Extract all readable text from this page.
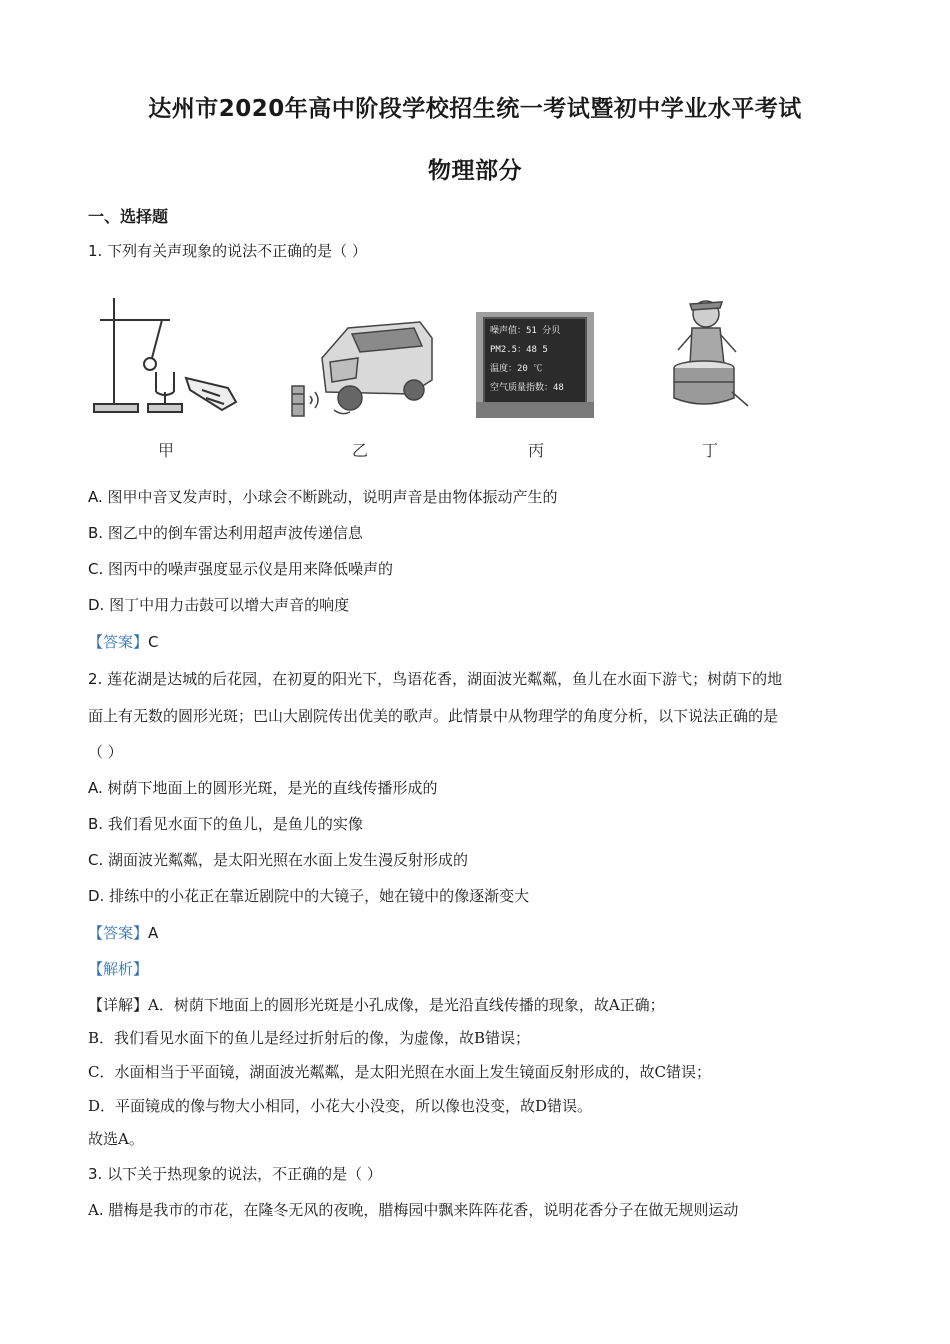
达州市2020年高中阶段学校招生统一考试暨初中学业水平考试
物理部分
一、选择题
1. 下列有关声现象的说法不正确的是（ ）
甲	乙
噪声值：51 分贝
PM2.5：48 5
温度：20 ℃
空气质量指数：48
丙	丁
A. 图甲中音叉发声时，小球会不断跳动，说明声音是由物体振动产生的
B. 图乙中的倒车雷达利用超声波传递信息
C. 图丙中的噪声强度显示仪是用来降低噪声的
D. 图丁中用力击鼓可以增大声音的响度
【答案】C
2. 莲花湖是达城的后花园，在初夏的阳光下，鸟语花香，湖面波光粼粼，鱼儿在水面下游弋；树荫下的地
面上有无数的圆形光斑；巴山大剧院传出优美的歌声。此情景中从物理学的角度分析，以下说法正确的是
（ ）
A. 树荫下地面上的圆形光斑，是光的直线传播形成的
B. 我们看见水面下的鱼儿，是鱼儿的实像
C. 湖面波光粼粼，是太阳光照在水面上发生漫反射形成的
D. 排练中的小花正在靠近剧院中的大镜子，她在镜中的像逐渐变大
【答案】A
【解析】
【详解】A．树荫下地面上的圆形光斑是小孔成像，是光沿直线传播的现象，故A正确；
B．我们看见水面下的鱼儿是经过折射后的像，为虚像，故B错误；
C．水面相当于平面镜，湖面波光粼粼，是太阳光照在水面上发生镜面反射形成的，故C错误；
D．平面镜成的像与物大小相同，小花大小没变，所以像也没变，故D错误。
故选A。
3. 以下关于热现象的说法，不正确的是（ ）
A. 腊梅是我市的市花，在隆冬无风的夜晚，腊梅园中飘来阵阵花香，说明花香分子在做无规则运动
